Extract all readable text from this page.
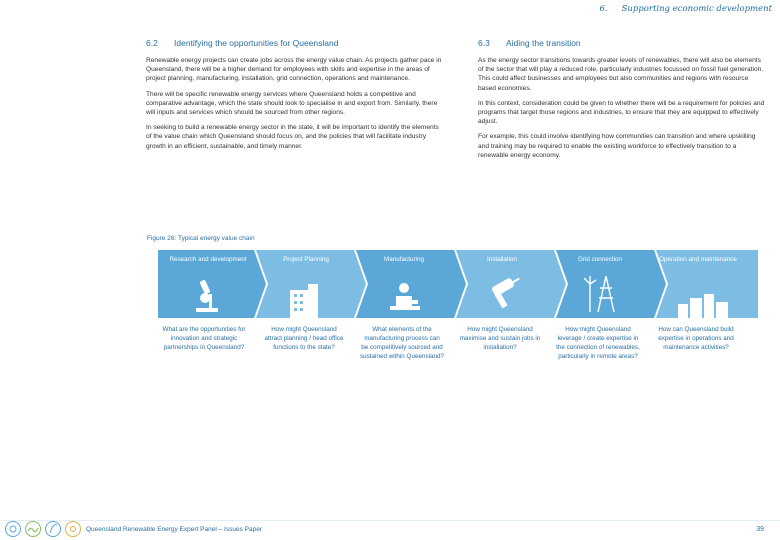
6. Supporting economic development
6.2 Identifying the opportunities for Queensland	6.3 Aiding the transition

Renewable energy projects can create jobs across the energy value chain. As projects gather pace in Queensland, there will be a higher demand for employees with skills and expertise in the areas of project planning, manufacturing, installation, grid connection, operations and maintenance.

There will be specific renewable energy services where Queensland holds a competitive and comparative advantage, which the state should look to specialise in and export from. Similarly, there will inputs and services which should be sourced from other regions.

In seeking to build a renewable energy sector in the state, it will be important to identify the elements of the value chain which Queensland should focus on, and the policies that will facilitate industry growth in an efficient, sustainable, and timely manner.

As the energy sector transitions towards greater levels of renewables, there will also be elements of the sector that will play a reduced role, particularly industries focussed on fossil fuel generation. This could affect businesses and employees but also communities and regions with resource based economies.

In this context, consideration could be given to whether there will be a requirement for policies and programs that target those regions and industries, to ensure that they are equipped to effectively adjust.

For example, this could involve identifying how communities can transition and where upskilling and training may be required to enable the existing workforce to effectively transition to a renewable energy economy.

Figure 26: Typical energy value chain
Research and development	Project Planning	Manufacturing	Installation	Grid connection	Operation and maintenance
What are the opportunities for innovation and strategic partnerships in Queensland?
How might Queensland attract planning / head office functions to the state?
What elements of the manufacturing process can be competitively sourced and sustained within Queensland?
How might Queensland maximise and sustain jobs in installation?
How might Queensland leverage / create expertise in the connection of renewables, particularly in remote areas?
How can Queensland build expertise in operations and maintenance activities?
Queensland Renewable Energy Expert Panel – Issues Paper	39
